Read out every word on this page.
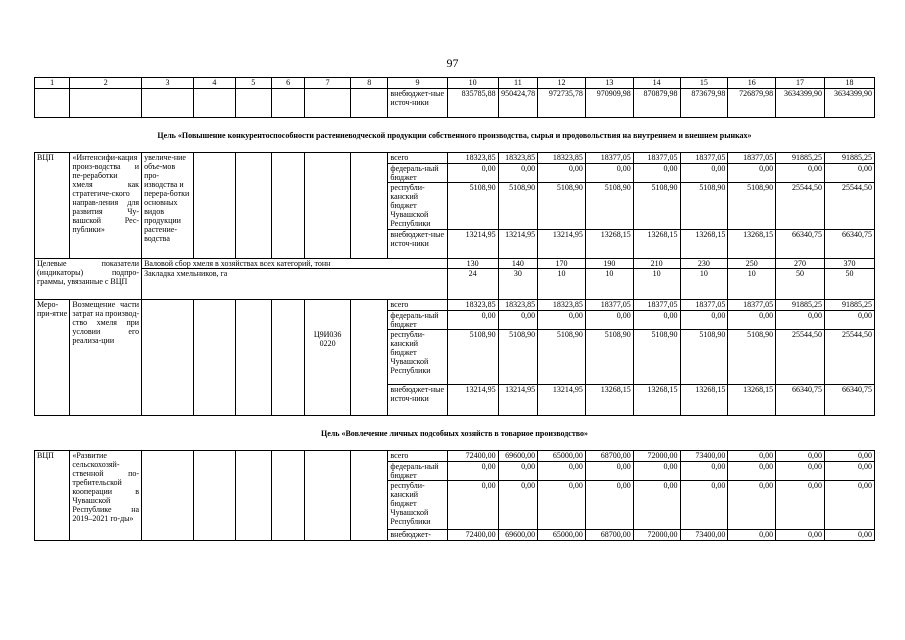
97
1	2	3	4	5	6	7	8	9	10	11	12	13	14	15	16	17	18
								внебюджет-ные источ-ники	835785,88	950424,78	972735,78	970909,98	870879,98	873679,98	726879,98	3634399,90	3634399,90
Цель «Повышение конкурентоспособности растениеводческой продукции собственного производства, сырья и продовольствия на внутреннем и внешнем рынках»																	
ВЦП	«Интенсифи-кация произ-водства и пе-реработки хмеля как стратегиче-ского направ-ления для развития Чу-вашской Рес-публики»	увеличе-ние объе-мов про-изводства и перера-ботки основных видов продукции растение-водства						всего	18323,85	18323,85	18323,85	18377,05	18377,05	18377,05	18377,05	91885,25	91885,25
								федераль-ный бюджет	0,00	0,00	0,00	0,00	0,00	0,00	0,00	0,00	0,00
								республи-канский бюджет Чувашской Республики	5108,90	5108,90	5108,90	5108,90	5108,90	5108,90	5108,90	25544,50	25544,50
								внебюджет-ные источ-ники	13214,95	13214,95	13214,95	13268,15	13268,15	13268,15	13268,15	66340,75	66340,75
Целевые показатели (индикаторы) подпро-граммы, увязанные с ВЦП		Валовой сбор хмеля в хозяйствах всех категорий, тонн							130	140	170	190	210	230	250	270	370
		Закладка хмельников, га							24	30	10	10	10	10	10	50	50
Меро-при-ятие	Возмещение части затрат на производ-ство хмеля при условии его реализа-ции					Ц9И036 0220		всего	18323,85	18323,85	18323,85	18377,05	18377,05	18377,05	18377,05	91885,25	91885,25
								федераль-ный бюджет	0,00	0,00	0,00	0,00	0,00	0,00	0,00	0,00	0,00
								республи-канский бюджет Чувашской Республики	5108,90	5108,90	5108,90	5108,90	5108,90	5108,90	5108,90	25544,50	25544,50
								внебюджет-ные источ-ники	13214,95	13214,95	13214,95	13268,15	13268,15	13268,15	13268,15	66340,75	66340,75
Цель «Вовлечение личных подсобных хозяйств в товарное производство»																	
ВЦП	«Развитие сельскохозяй-ственной по-требительской кооперации в Чувашской Республике на 2019–2021 го-ды»							всего	72400,00	69600,00	65000,00	68700,00	72000,00	73400,00	0,00	0,00	0,00
								федераль-ный бюджет	0,00	0,00	0,00	0,00	0,00	0,00	0,00	0,00	0,00
								республи-канский бюджет Чувашской Республики	0,00	0,00	0,00	0,00	0,00	0,00	0,00	0,00	0,00
								внебюджет-	72400,00	69600,00	65000,00	68700,00	72000,00	73400,00	0,00	0,00	0,00
